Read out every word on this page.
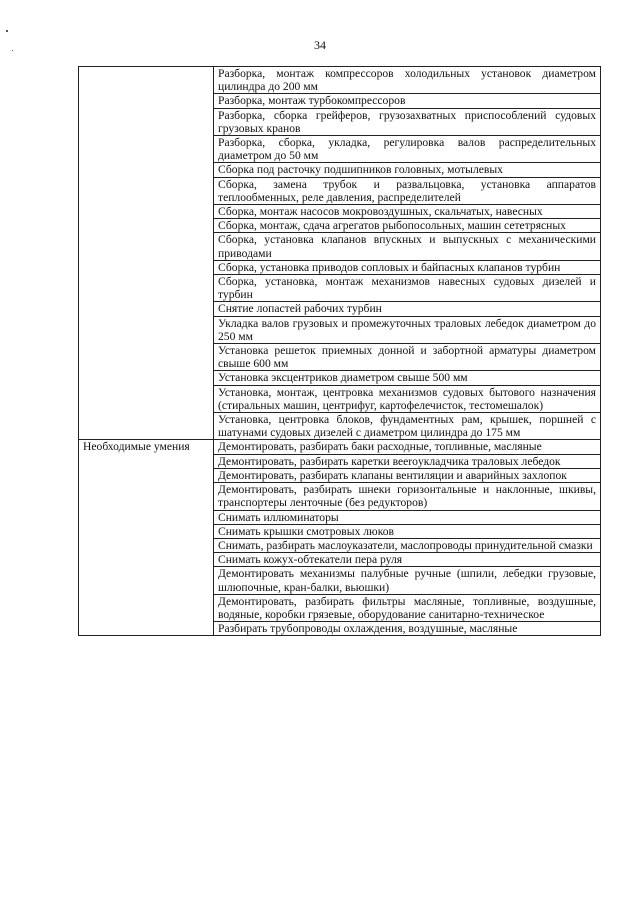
34
	Разборка, монтаж компрессоров холодильных установок диаметром цилиндра до 200 мм
	Разборка, монтаж турбокомпрессоров
	Разборка, сборка грейферов, грузозахватных приспособлений судовых грузовых кранов
	Разборка, сборка, укладка, регулировка валов распределительных диаметром до 50 мм
	Сборка под расточку подшипников головных, мотылевых
	Сборка, замена трубок и развальцовка, установка аппаратов теплообменных, реле давления, распределителей
	Сборка, монтаж насосов мокровоздушных, скальчатых, навесных
	Сборка, монтаж, сдача агрегатов рыбопосольных, машин сететрясных
	Сборка, установка клапанов впускных и выпускных с механическими приводами
	Сборка, установка приводов сопловых и байпасных клапанов турбин
	Сборка, установка, монтаж механизмов навесных судовых дизелей и турбин
	Снятие лопастей рабочих турбин
	Укладка валов грузовых и промежуточных траловых лебедок диаметром до 250 мм
	Установка решеток приемных донной и забортной арматуры диаметром свыше 600 мм
	Установка эксцентриков диаметром свыше 500 мм
	Установка, монтаж, центровка механизмов судовых бытового назначения (стиральных машин, центрифуг, картофелечисток, тестомешалок)
	Установка, центровка блоков, фундаментных рам, крышек, поршней с шатунами судовых дизелей с диаметром цилиндра до 175 мм
Необходимые умения	Демонтировать, разбирать баки расходные, топливные, масляные
	Демонтировать, разбирать каретки вееroукладчика траловых лебедок
	Демонтировать, разбирать клапаны вентиляции и аварийных захлопок
	Демонтировать, разбирать шнеки горизонтальные и наклонные, шкивы, транспортеры ленточные (без редукторов)
	Снимать иллюминаторы
	Снимать крышки смотровых люков
	Снимать, разбирать маслоуказатели, маслопроводы принудительной смазки
	Снимать кожух-обтекатели пера руля
	Демонтировать механизмы палубные ручные (шпили, лебедки грузовые, шлюпочные, кран-балки, вьюшки)
	Демонтировать, разбирать фильтры масляные, топливные, воздушные, водяные, коробки грязевые, оборудование санитарно-техническое
	Разбирать трубопроводы охлаждения, воздушные, масляные
